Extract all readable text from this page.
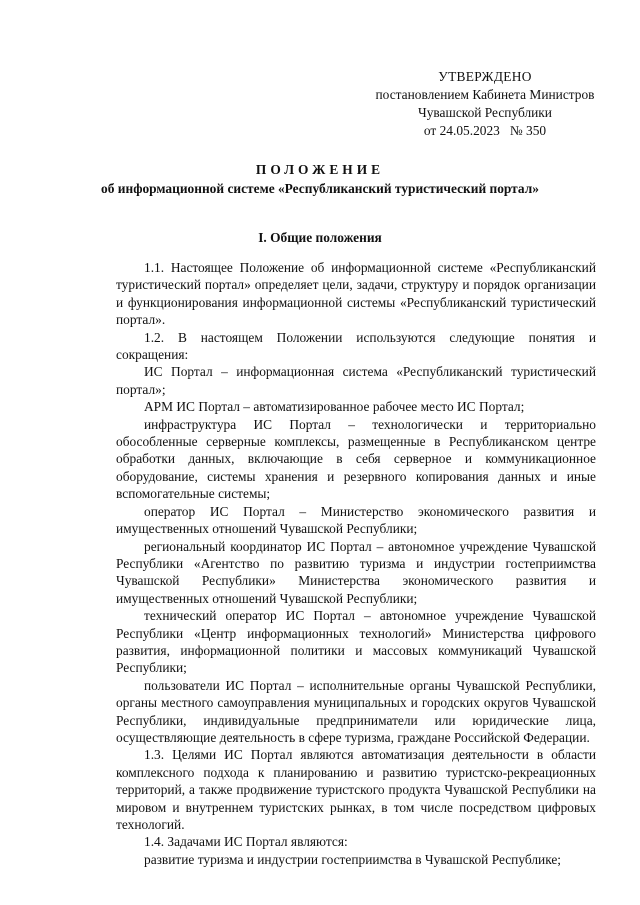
УТВЕРЖДЕНО
постановлением Кабинета Министров
Чувашской Республики
от 24.05.2023   № 350
ПОЛОЖЕНИЕ
об информационной системе «Республиканский туристический портал»
I. Общие положения

1.1. Настоящее Положение об информационной системе «Республиканский туристический портал» определяет цели, задачи, структуру и порядок организации и функционирования информационной системы «Республиканский туристический портал».

1.2. В настоящем Положении используются следующие понятия и сокращения:

ИС Портал – информационная система «Республиканский туристический портал»;

АРМ ИС Портал – автоматизированное рабочее место ИС Портал;

инфраструктура ИС Портал – технологически и территориально обособленные серверные комплексы, размещенные в Республиканском центре обработки данных, включающие в себя серверное и коммуникационное оборудование, системы хранения и резервного копирования данных и иные вспомогательные системы;

оператор ИС Портал – Министерство экономического развития и имущественных отношений Чувашской Республики;

региональный координатор ИС Портал – автономное учреждение Чувашской Республики «Агентство по развитию туризма и индустрии гостеприимства Чувашской Республики» Министерства экономического развития и имущественных отношений Чувашской Республики;

технический оператор ИС Портал – автономное учреждение Чувашской Республики «Центр информационных технологий» Министерства цифрового развития, информационной политики и массовых коммуникаций Чувашской Республики;

пользователи ИС Портал – исполнительные органы Чувашской Республики, органы местного самоуправления муниципальных и городских округов Чувашской Республики, индивидуальные предприниматели или юридические лица, осуществляющие деятельность в сфере туризма, граждане Российской Федерации.

1.3. Целями ИС Портал являются автоматизация деятельности в области комплексного подхода к планированию и развитию туристско-рекреационных территорий, а также продвижение туристского продукта Чувашской Республики на мировом и внутреннем туристских рынках, в том числе посредством цифровых технологий.

1.4. Задачами ИС Портал являются:

развитие туризма и индустрии гостеприимства в Чувашской Республике;
